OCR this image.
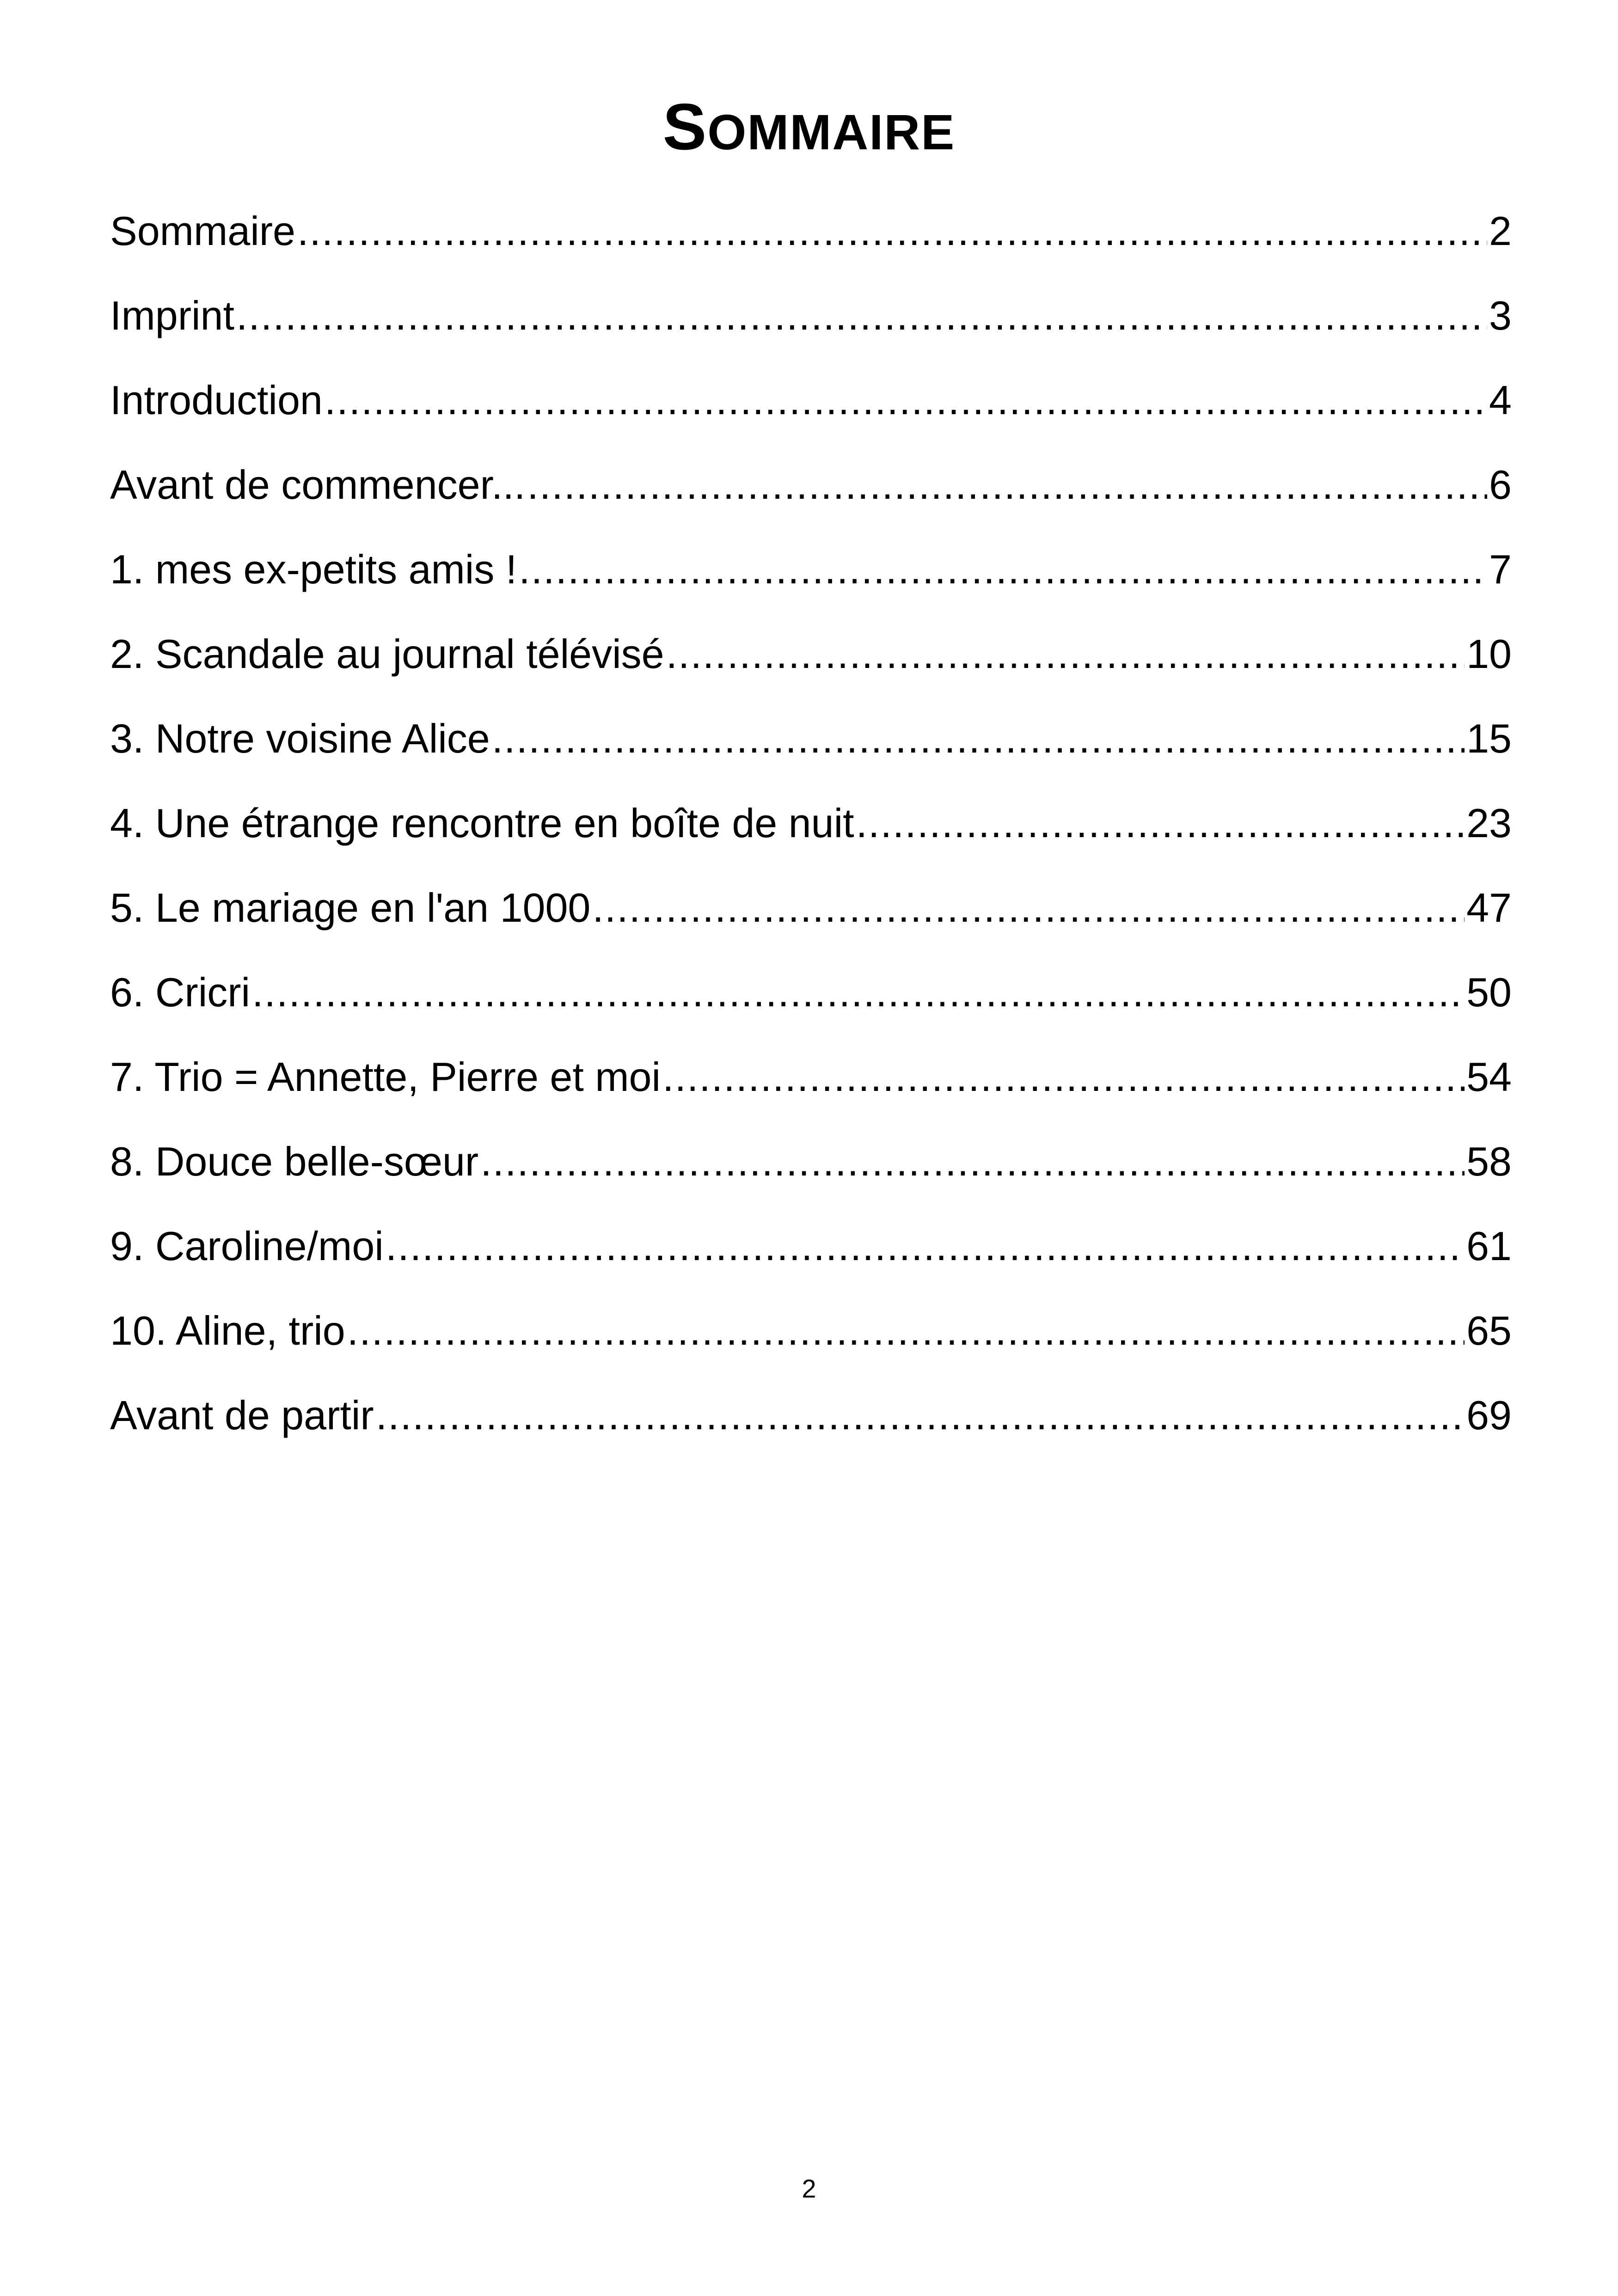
SOMMAIRE
Sommaire .....	2
Imprint .....	3
Introduction .....	4
Avant de commencer... .....	6
1. mes ex-petits amis ! .....	7
2. Scandale au journal télévisé .....	10
3. Notre voisine Alice .....	15
4. Une étrange rencontre en boîte de nuit .....	23
5. Le mariage en l'an 1000 .....	47
6. Cricri .....	50
7. Trio = Annette, Pierre et moi .....	54
8. Douce belle-sœur .....	58
9. Caroline/moi .....	61
10. Aline, trio .....	65
Avant de partir .....	69
2
